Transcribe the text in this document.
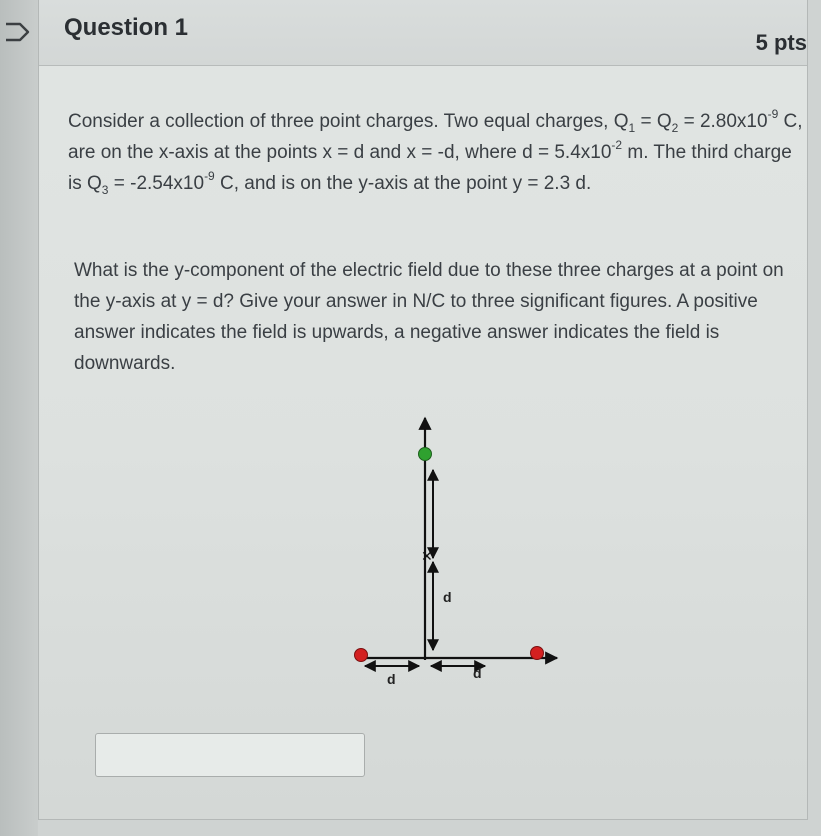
Question 1
5 pts
Consider a collection of three point charges. Two equal charges, $Q_1 = Q_2 = 2.80x10^{-9}$ C, are on the x-axis at the points x = d and x = -d, where $d = 5.4x10^{-2}$ m. The third charge is $Q_3 = -2.54x10^{-9}$ C, and is on the y-axis at the point y = 2.3 d.
What is the y-component of the electric field due to these three charges at a point on the y-axis at y = d? Give your answer in N/C to three significant figures. A positive answer indicates the field is upwards, a negative answer indicates the field is downwards.
✕
d
d	d
